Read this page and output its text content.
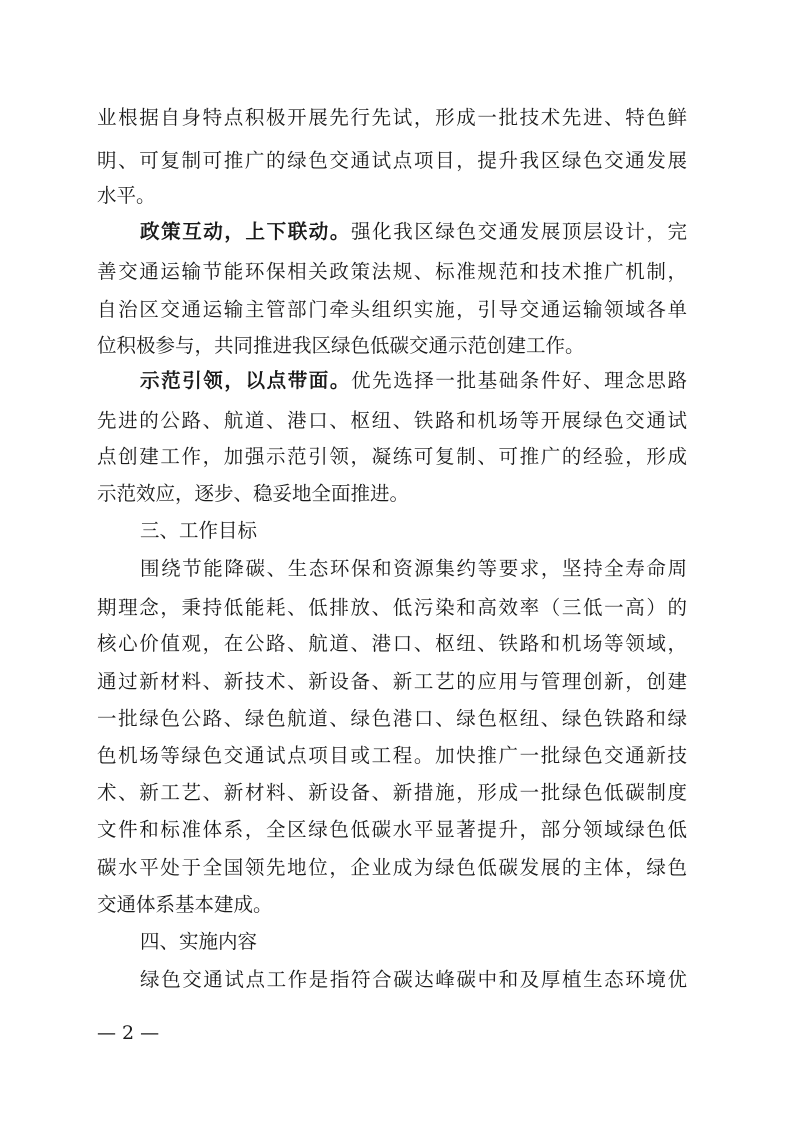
业根据自身特点积极开展先行先试，形成一批技术先进、特色鲜
明、可复制可推广的绿色交通试点项目，提升我区绿色交通发展
水平。
政策互动，上下联动。强化我区绿色交通发展顶层设计，完
善交通运输节能环保相关政策法规、标准规范和技术推广机制，
自治区交通运输主管部门牵头组织实施，引导交通运输领域各单
位积极参与，共同推进我区绿色低碳交通示范创建工作。
示范引领，以点带面。优先选择一批基础条件好、理念思路
先进的公路、航道、港口、枢纽、铁路和机场等开展绿色交通试
点创建工作，加强示范引领，凝练可复制、可推广的经验，形成
示范效应，逐步、稳妥地全面推进。
三、工作目标
围绕节能降碳、生态环保和资源集约等要求，坚持全寿命周
期理念，秉持低能耗、低排放、低污染和高效率（三低一高）的
核心价值观，在公路、航道、港口、枢纽、铁路和机场等领域，
通过新材料、新技术、新设备、新工艺的应用与管理创新，创建
一批绿色公路、绿色航道、绿色港口、绿色枢纽、绿色铁路和绿
色机场等绿色交通试点项目或工程。加快推广一批绿色交通新技
术、新工艺、新材料、新设备、新措施，形成一批绿色低碳制度
文件和标准体系，全区绿色低碳水平显著提升，部分领域绿色低
碳水平处于全国领先地位，企业成为绿色低碳发展的主体，绿色
交通体系基本建成。
四、实施内容
绿色交通试点工作是指符合碳达峰碳中和及厚植生态环境优
— 2 —
